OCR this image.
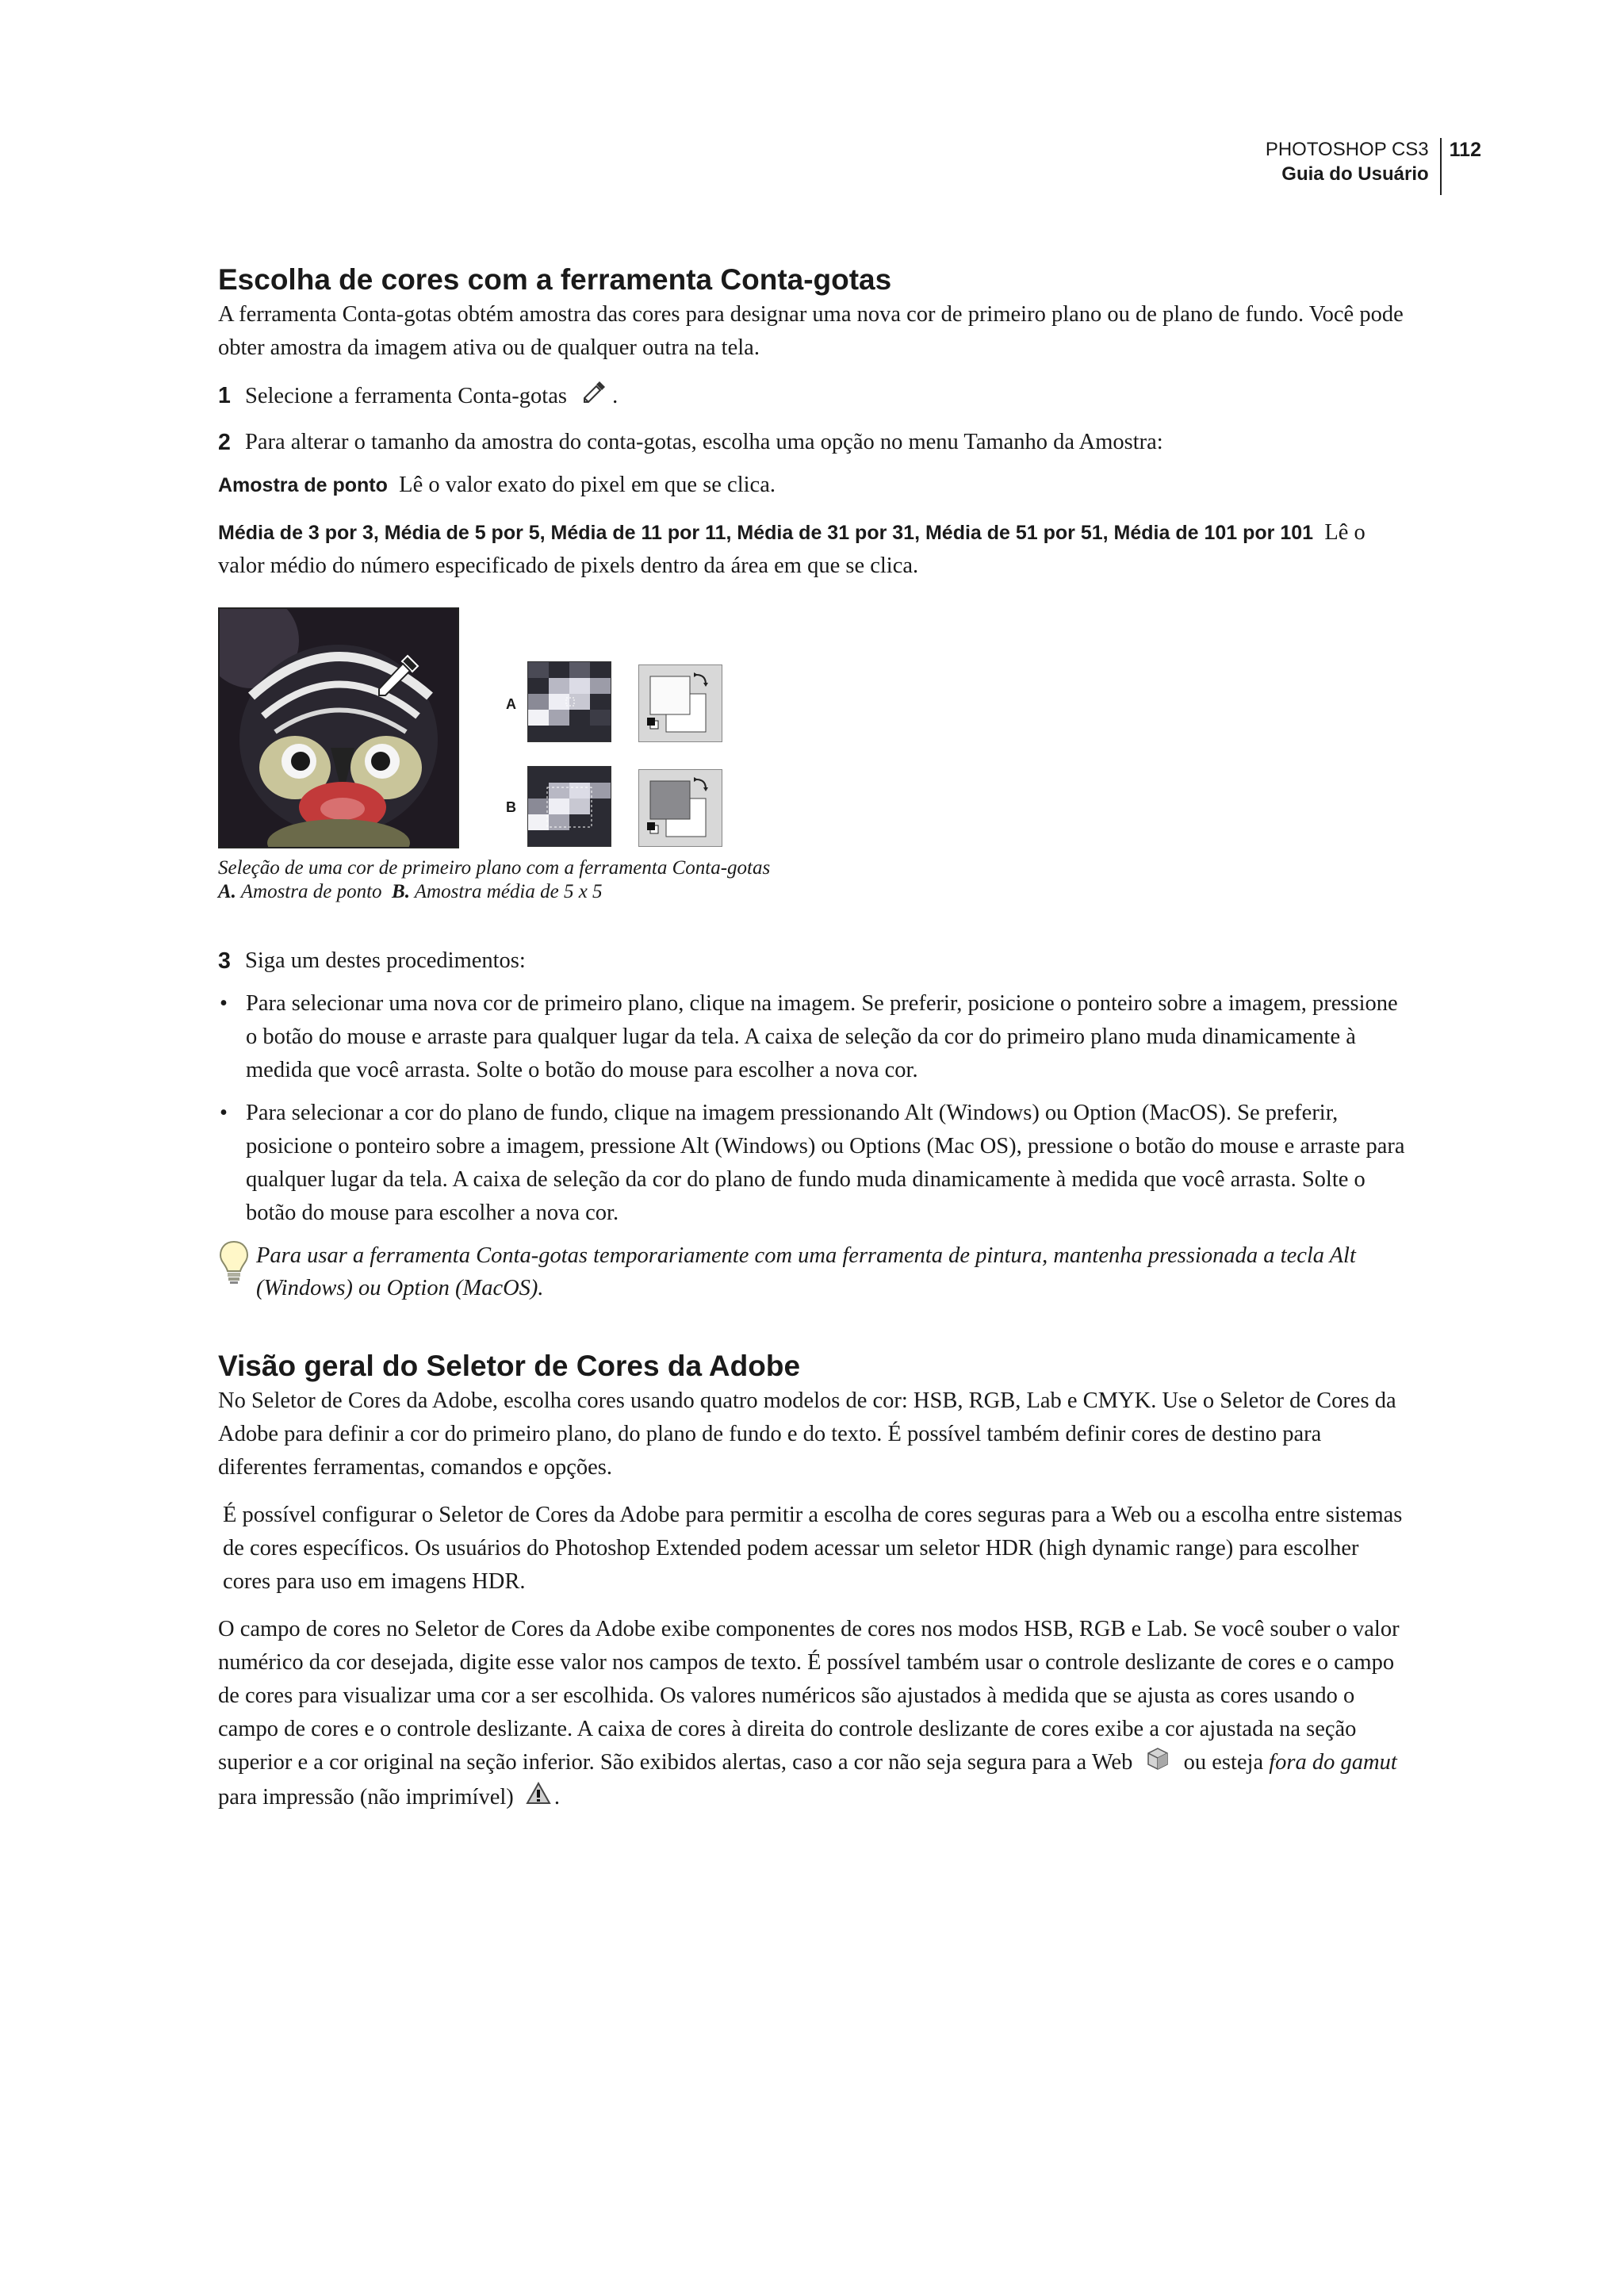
PHOTOSHOP CS3
Guia do Usuário
112
Escolha de cores com a ferramenta Conta-gotas

A ferramenta Conta-gotas obtém amostra das cores para designar uma nova cor de primeiro plano ou de plano de fundo. Você pode obter amostra da imagem ativa ou de qualquer outra na tela.

1 Selecione a ferramenta Conta-gotas .
2 Para alterar o tamanho da amostra do conta-gotas, escolha uma opção no menu Tamanho da Amostra:

Amostra de ponto Lê o valor exato do pixel em que se clica.

Média de 3 por 3, Média de 5 por 5, Média de 11 por 11, Média de 31 por 31, Média de 51 por 51, Média de 101 por 101 Lê o valor médio do número especificado de pixels dentro da área em que se clica.

A
B
Seleção de uma cor de primeiro plano com a ferramenta Conta-gotas
A. Amostra de ponto B. Amostra média de 5 x 5
3 Siga um destes procedimentos:
• Para selecionar uma nova cor de primeiro plano, clique na imagem. Se preferir, posicione o ponteiro sobre a imagem, pressione o botão do mouse e arraste para qualquer lugar da tela. A caixa de seleção da cor do primeiro plano muda dinamicamente à medida que você arrasta. Solte o botão do mouse para escolher a nova cor.
• Para selecionar a cor do plano de fundo, clique na imagem pressionando Alt (Windows) ou Option (MacOS). Se preferir, posicione o ponteiro sobre a imagem, pressione Alt (Windows) ou Options (Mac OS), pressione o botão do mouse e arraste para qualquer lugar da tela. A caixa de seleção da cor do plano de fundo muda dinamicamente à medida que você arrasta. Solte o botão do mouse para escolher a nova cor.
Para usar a ferramenta Conta-gotas temporariamente com uma ferramenta de pintura, mantenha pressionada a tecla Alt (Windows) ou Option (MacOS).
Visão geral do Seletor de Cores da Adobe

No Seletor de Cores da Adobe, escolha cores usando quatro modelos de cor: HSB, RGB, Lab e CMYK. Use o Seletor de Cores da Adobe para definir a cor do primeiro plano, do plano de fundo e do texto. É possível também definir cores de destino para diferentes ferramentas, comandos e opções.

É possível configurar o Seletor de Cores da Adobe para permitir a escolha de cores seguras para a Web ou a escolha entre sistemas de cores específicos. Os usuários do Photoshop Extended podem acessar um seletor HDR (high dynamic range) para escolher cores para uso em imagens HDR.

O campo de cores no Seletor de Cores da Adobe exibe componentes de cores nos modos HSB, RGB e Lab. Se você souber o valor numérico da cor desejada, digite esse valor nos campos de texto. É possível também usar o controle deslizante de cores e o campo de cores para visualizar uma cor a ser escolhida. Os valores numéricos são ajustados à medida que se ajusta as cores usando o campo de cores e o controle deslizante. A caixa de cores à direita do controle deslizante de cores exibe a cor ajustada na seção superior e a cor original na seção inferior. São exibidos alertas, caso a cor não seja segura para a Web ou esteja fora do gamut  para impressão (não imprimível) .
